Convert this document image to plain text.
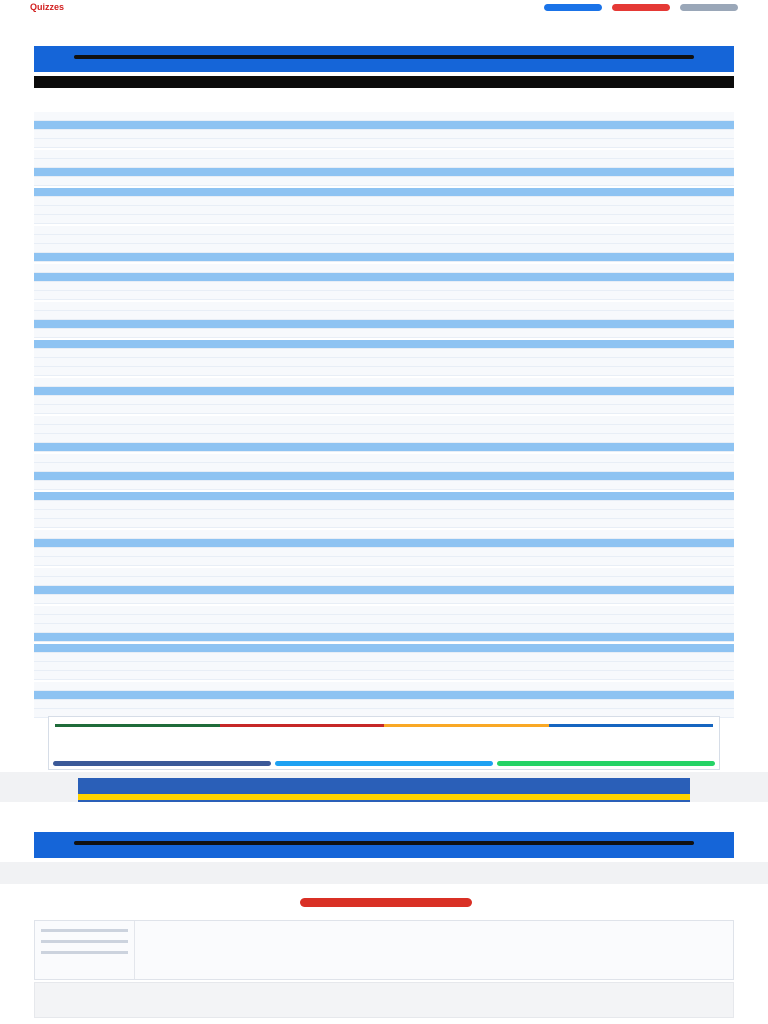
Quizzes
